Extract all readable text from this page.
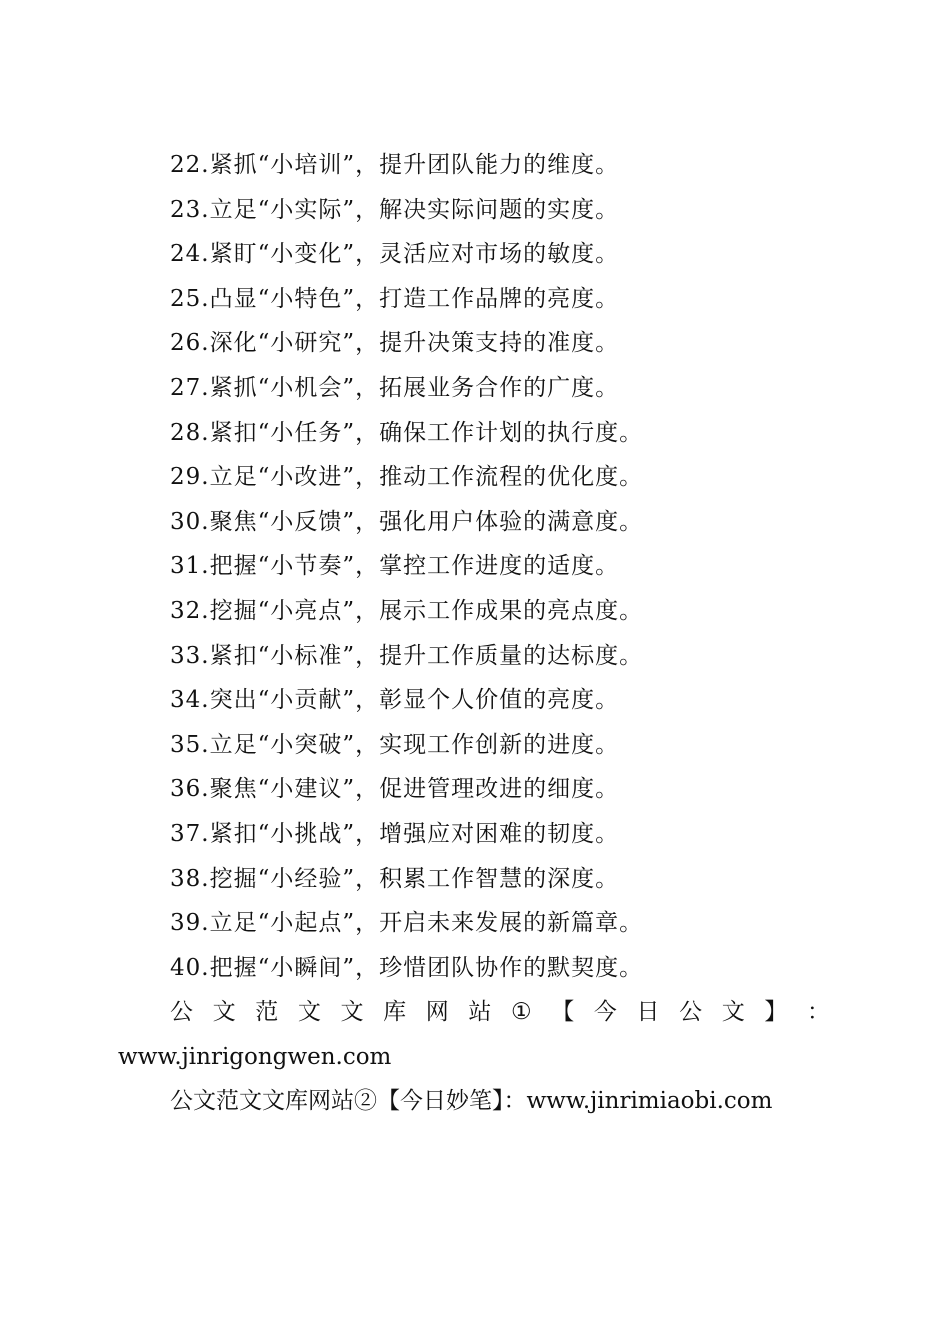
22.紧抓“小培训”，提升团队能力的维度。
23.立足“小实际”，解决实际问题的实度。
24.紧盯“小变化”，灵活应对市场的敏度。
25.凸显“小特色”，打造工作品牌的亮度。
26.深化“小研究”，提升决策支持的准度。
27.紧抓“小机会”，拓展业务合作的广度。
28.紧扣“小任务”，确保工作计划的执行度。
29.立足“小改进”，推动工作流程的优化度。
30.聚焦“小反馈”，强化用户体验的满意度。
31.把握“小节奏”，掌控工作进度的适度。
32.挖掘“小亮点”，展示工作成果的亮点度。
33.紧扣“小标准”，提升工作质量的达标度。
34.突出“小贡献”，彰显个人价值的亮度。
35.立足“小突破”，实现工作创新的进度。
36.聚焦“小建议”，促进管理改进的细度。
37.紧扣“小挑战”，增强应对困难的韧度。
38.挖掘“小经验”，积累工作智慧的深度。
39.立足“小起点”，开启未来发展的新篇章。
40.把握“小瞬间”，珍惜团队协作的默契度。
公 文 范 文 文 库 网 站 ① 【 今 日 公 文 】 ：
www.jinrigongwen.com
公文范文文库网站②【今日妙笔】：www.jinrimiaobi.com
